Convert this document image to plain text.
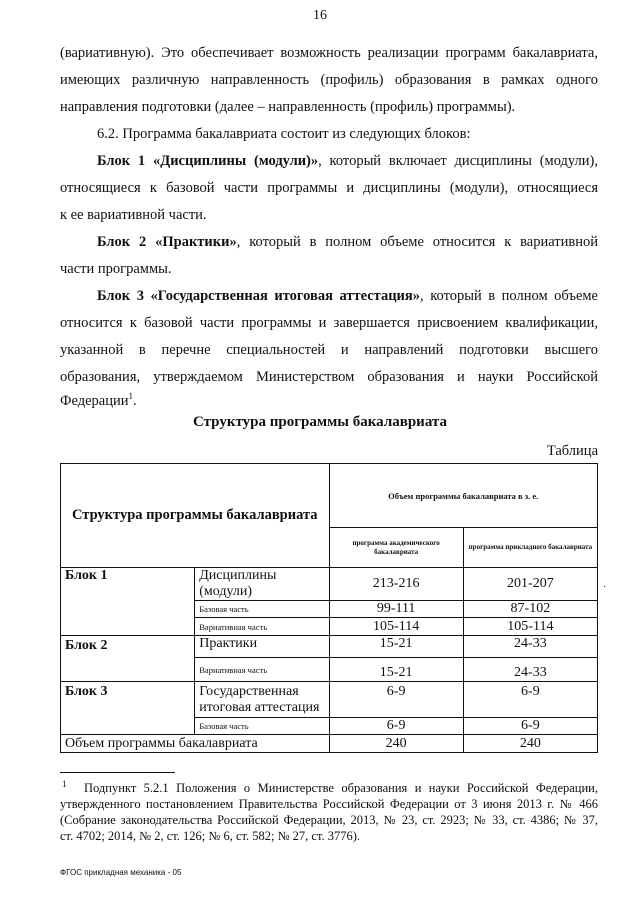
16
(вариативную). Это обеспечивает возможность реализации программ бакалавриата,
имеющих различную направленность (профиль) образования в рамках одного
направления подготовки (далее – направленность (профиль) программы).
6.2. Программа бакалавриата состоит из следующих блоков:
Блок 1 «Дисциплины (модули)», который включает дисциплины (модули),
относящиеся к базовой части программы и дисциплины (модули), относящиеся
к ее вариативной части.
Блок 2 «Практики», который в полном объеме относится к вариативной
части программы.
Блок 3 «Государственная итоговая аттестация», который в полном объеме
относится к базовой части программы и завершается присвоением квалификации,
указанной в перечне специальностей и направлений подготовки высшего
образования, утверждаемом Министерством образования и науки Российской
Федерации$^1$.
Структура программы бакалавриата
Таблица
Структура программы бакалавриата		Объем программы бакалавриата в з. е.	
		программа академического бакалавриата	программа прикладного бакалавриата
Блок 1	Дисциплины (модули)	213-216	201-207
	Базовая часть	99-111	87-102
	Вариативная часть	105-114	105-114
Блок 2	Практики	15-21	24-33
	Вариативная часть	15-21	24-33
Блок 3	Государственная итоговая аттестация	6-9	6-9
	Базовая часть	6-9	6-9
Объем программы бакалавриата		240	240
·
1 Подпункт 5.2.1 Положения о Министерстве образования и науки Российской Федерации,
утвержденного постановлением Правительства Российской Федерации от 3 июня 2013 г. № 466
(Собрание законодательства Российской Федерации, 2013, № 23, ст. 2923; № 33, ст. 4386; № 37,
ст. 4702; 2014, № 2, ст. 126; № 6, ст. 582; № 27, ст. 3776).
ФГОС прикладная механика - 05
